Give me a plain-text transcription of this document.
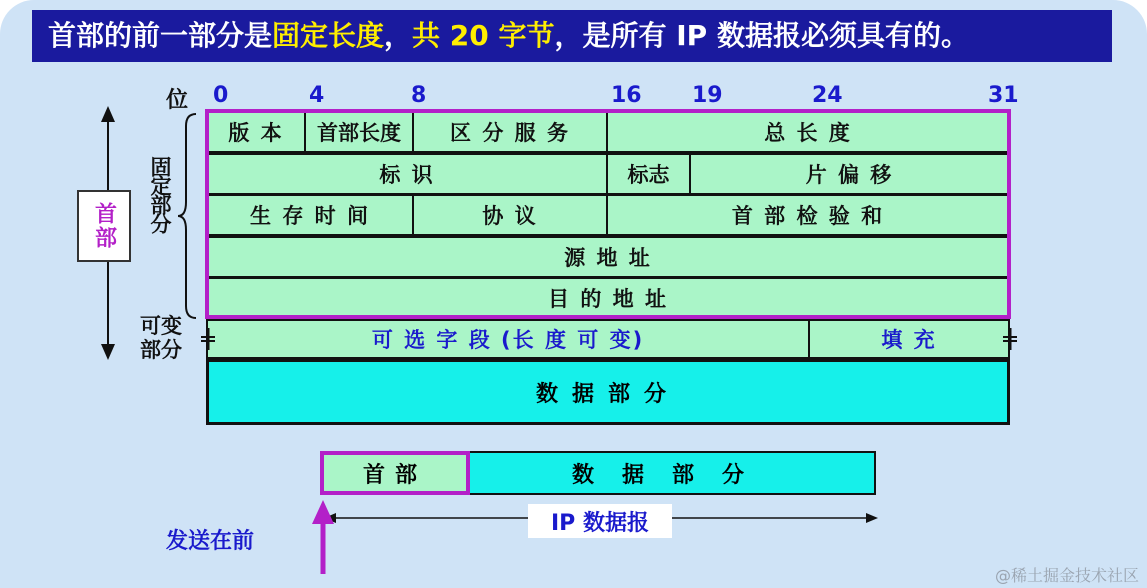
首部的前一部分是固定长度，共 20 字节，是所有 IP 数据报必须具有的。
位 0	4	8	16 19	24	31
版 本	首部长度	区 分 服 务	总 长 度
标 识	标志	片 偏 移
生 存 时 间	协 议	首 部 检 验 和
源 地 址
目 的 地 址
可 选 字 段 (长 度 可 变)	填 充
数据部分
首部	固定部分
可变部分
首部	数据部分
IP 数据报
发送在前
@稀土掘金技术社区
